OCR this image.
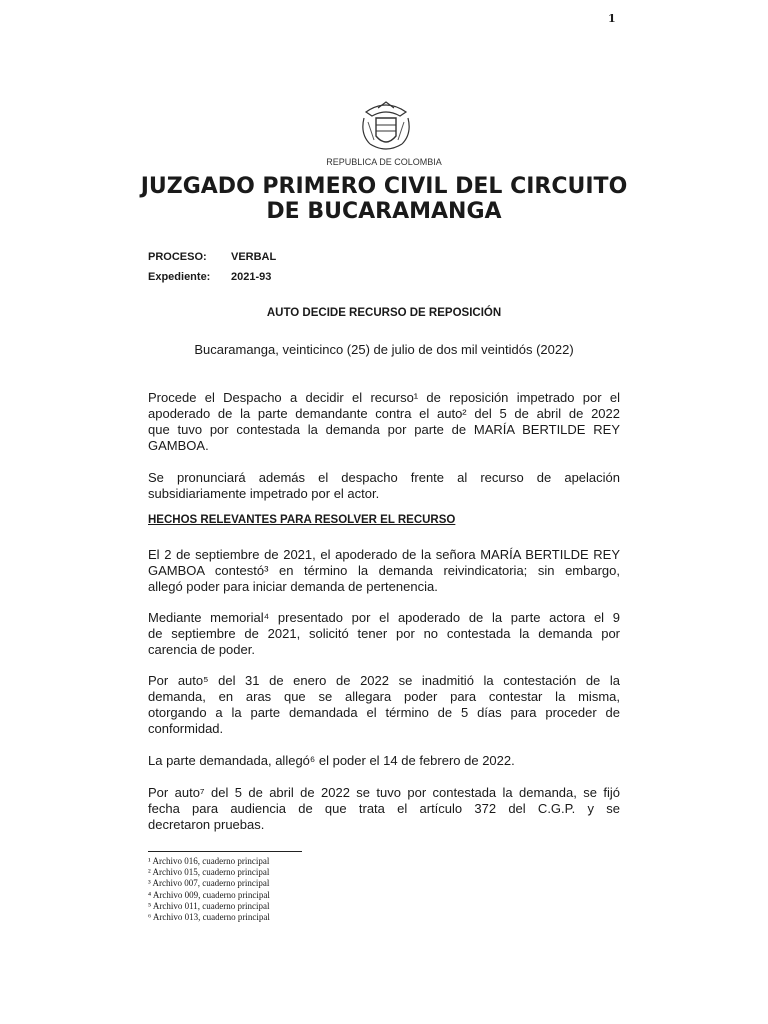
1
REPUBLICA DE COLOMBIA
JUZGADO PRIMERO CIVIL DEL CIRCUITO
DE BUCARAMANGA
PROCESO: VERBAL
Expediente: 2021-93
AUTO DECIDE RECURSO DE REPOSICIÓN
Bucaramanga, veinticinco (25) de julio de dos mil veintidós (2022)
Procede el Despacho a decidir el recurso¹ de reposición impetrado por el
apoderado de la parte demandante contra el auto² del 5 de abril de 2022
que tuvo por contestada la demanda por parte de MARÍA BERTILDE REY
GAMBOA.
Se pronunciará además el despacho frente al recurso de apelación
subsidiariamente impetrado por el actor.
HECHOS RELEVANTES PARA RESOLVER EL RECURSO
El 2 de septiembre de 2021, el apoderado de la señora MARÍA BERTILDE REY
GAMBOA contestó³ en término la demanda reivindicatoria; sin embargo,
allegó poder para iniciar demanda de pertenencia.
Mediante memorial⁴ presentado por el apoderado de la parte actora el 9
de septiembre de 2021, solicitó tener por no contestada la demanda por
carencia de poder.
Por auto⁵ del 31 de enero de 2022 se inadmitió la contestación de la
demanda, en aras que se allegara poder para contestar la misma,
otorgando a la parte demandada el término de 5 días para proceder de
conformidad.
La parte demandada, allegó⁶ el poder el 14 de febrero de 2022.
Por auto⁷ del 5 de abril de 2022 se tuvo por contestada la demanda, se fijó
fecha para audiencia de que trata el artículo 372 del C.G.P. y se
decretaron pruebas.
¹ Archivo 016, cuaderno principal
² Archivo 015, cuaderno principal
³ Archivo 007, cuaderno principal
⁴ Archivo 009, cuaderno principal
⁵ Archivo 011, cuaderno principal
⁶ Archivo 013, cuaderno principal
